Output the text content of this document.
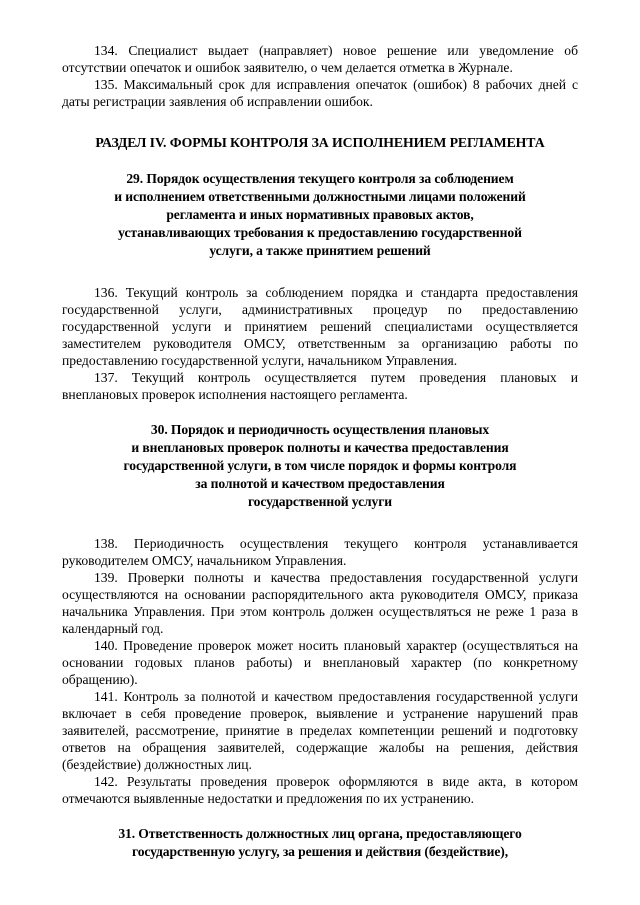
134. Специалист выдает (направляет) новое решение или уведомление об отсутствии опечаток и ошибок заявителю, о чем делается отметка в Журнале.

135. Максимальный срок для исправления опечаток (ошибок) 8 рабочих дней с даты регистрации заявления об исправлении ошибок.

РАЗДЕЛ IV. ФОРМЫ КОНТРОЛЯ ЗА ИСПОЛНЕНИЕМ РЕГЛАМЕНТА
29. Порядок осуществления текущего контроля за соблюдением
и исполнением ответственными должностными лицами положений
регламента и иных нормативных правовых актов,
устанавливающих требования к предоставлению государственной
услуги, а также принятием решений

136. Текущий контроль за соблюдением порядка и стандарта предоставления государственной услуги, административных процедур по предоставлению государственной услуги и принятием решений специалистами осуществляется заместителем руководителя ОМСУ, ответственным за организацию работы по предоставлению государственной услуги, начальником Управления.

137. Текущий контроль осуществляется путем проведения плановых и внеплановых проверок исполнения настоящего регламента.

30. Порядок и периодичность осуществления плановых
и внеплановых проверок полноты и качества предоставления
государственной услуги, в том числе порядок и формы контроля
за полнотой и качеством предоставления
государственной услуги

138. Периодичность осуществления текущего контроля устанавливается руководителем ОМСУ, начальником Управления.

139. Проверки полноты и качества предоставления государственной услуги осуществляются на основании распорядительного акта руководителя ОМСУ, приказа начальника Управления. При этом контроль должен осуществляться не реже 1 раза в календарный год.

140. Проведение проверок может носить плановый характер (осуществляться на основании годовых планов работы) и внеплановый характер (по конкретному обращению).

141. Контроль за полнотой и качеством предоставления государственной услуги включает в себя проведение проверок, выявление и устранение нарушений прав заявителей, рассмотрение, принятие в пределах компетенции решений и подготовку ответов на обращения заявителей, содержащие жалобы на решения, действия (бездействие) должностных лиц.

142. Результаты проведения проверок оформляются в виде акта, в котором отмечаются выявленные недостатки и предложения по их устранению.

31. Ответственность должностных лиц органа, предоставляющего
государственную услугу, за решения и действия (бездействие),
